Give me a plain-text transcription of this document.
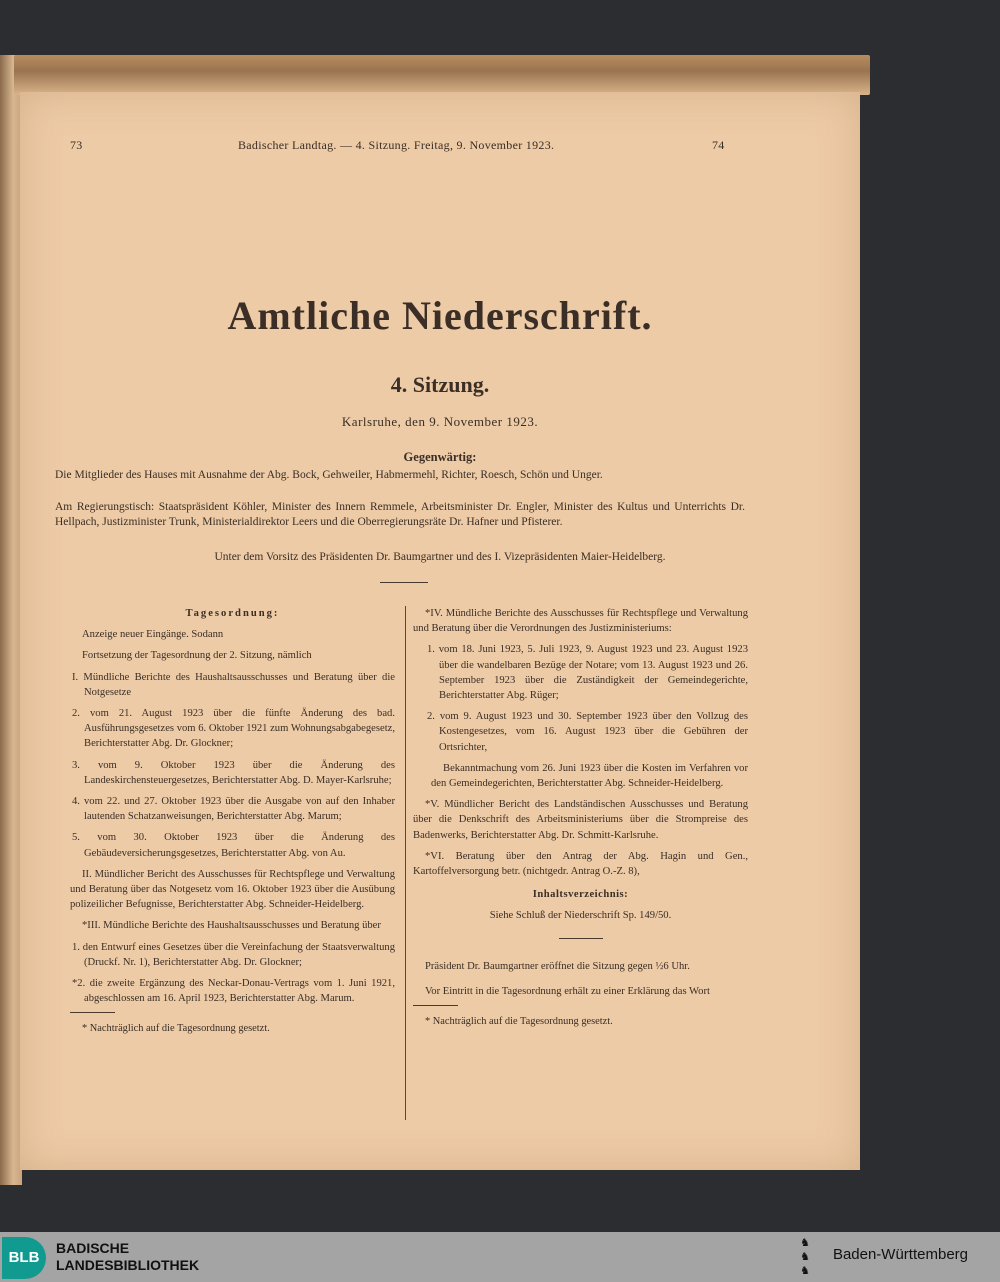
73	Badischer Landtag. — 4. Sitzung. Freitag, 9. November 1923.	74
Amtliche Niederschrift.
4. Sitzung.
Karlsruhe, den 9. November 1923.
Gegenwärtig:
Die Mitglieder des Hauses mit Ausnahme der Abg. Bock, Gehweiler, Habmermehl, Richter, Roesch, Schön und Unger.
Am Regierungstisch: Staatspräsident Köhler, Minister des Innern Remmele, Arbeitsminister Dr. Engler, Minister des Kultus und Unterrichts Dr. Hellpach, Justizminister Trunk, Ministerialdirektor Leers und die Oberregierungsräte Dr. Hafner und Pfisterer.
Unter dem Vorsitz des Präsidenten Dr. Baumgartner und des I. Vizepräsidenten Maier-Heidelberg.

Tagesordnung:

Anzeige neuer Eingänge. Sodann

Fortsetzung der Tagesordnung der 2. Sitzung, nämlich

I. Mündliche Berichte des Haushaltsausschusses und Beratung über die Notgesetze

2. vom 21. August 1923 über die fünfte Änderung des bad. Ausführungsgesetzes vom 6. Oktober 1921 zum Wohnungsabgabegesetz, Berichterstatter Abg. Dr. Glockner;

3. vom 9. Oktober 1923 über die Änderung des Landeskirchensteuergesetzes, Berichterstatter Abg. D. Mayer-Karlsruhe;

4. vom 22. und 27. Oktober 1923 über die Ausgabe von auf den Inhaber lautenden Schatzanweisungen, Berichterstatter Abg. Marum;

5. vom 30. Oktober 1923 über die Änderung des Gebäudeversicherungsgesetzes, Berichterstatter Abg. von Au.

II. Mündlicher Bericht des Ausschusses für Rechtspflege und Verwaltung und Beratung über das Notgesetz vom 16. Oktober 1923 über die Ausübung polizeilicher Befugnisse, Berichterstatter Abg. Schneider-Heidelberg.

*III. Mündliche Berichte des Haushaltsausschusses und Beratung über

1. den Entwurf eines Gesetzes über die Vereinfachung der Staatsverwaltung (Druckf. Nr. 1), Berichterstatter Abg. Dr. Glockner;

*2. die zweite Ergänzung des Neckar-Donau-Vertrags vom 1. Juni 1921, abgeschlossen am 16. April 1923, Berichterstatter Abg. Marum.

* Nachträglich auf die Tagesordnung gesetzt.

*IV. Mündliche Berichte des Ausschusses für Rechtspflege und Verwaltung und Beratung über die Verordnungen des Justizministeriums:

1. vom 18. Juni 1923, 5. Juli 1923, 9. August 1923 und 23. August 1923 über die wandelbaren Bezüge der Notare; vom 13. August 1923 und 26. September 1923 über die Zuständigkeit der Gemeindegerichte, Berichterstatter Abg. Rüger;

2. vom 9. August 1923 und 30. September 1923 über den Vollzug des Kostengesetzes, vom 16. August 1923 über die Gebühren der Ortsrichter,

Bekanntmachung vom 26. Juni 1923 über die Kosten im Verfahren vor den Gemeindegerichten, Berichterstatter Abg. Schneider-Heidelberg.

*V. Mündlicher Bericht des Landständischen Ausschusses und Beratung über die Denkschrift des Arbeitsministeriums über die Strompreise des Badenwerks, Berichterstatter Abg. Dr. Schmitt-Karlsruhe.

*VI. Beratung über den Antrag der Abg. Hagin und Gen., Kartoffelversorgung betr. (nichtgedr. Antrag O.-Z. 8),

Inhaltsverzeichnis:

Siehe Schluß der Niederschrift Sp. 149/50.

Präsident Dr. Baumgartner eröffnet die Sitzung gegen ½6 Uhr.

Vor Eintritt in die Tagesordnung erhält zu einer Erklärung das Wort

* Nachträglich auf die Tagesordnung gesetzt.

BLB
BADISCHE
LANDESBIBLIOTHEK
♞
♞
♞
Baden-Württemberg
